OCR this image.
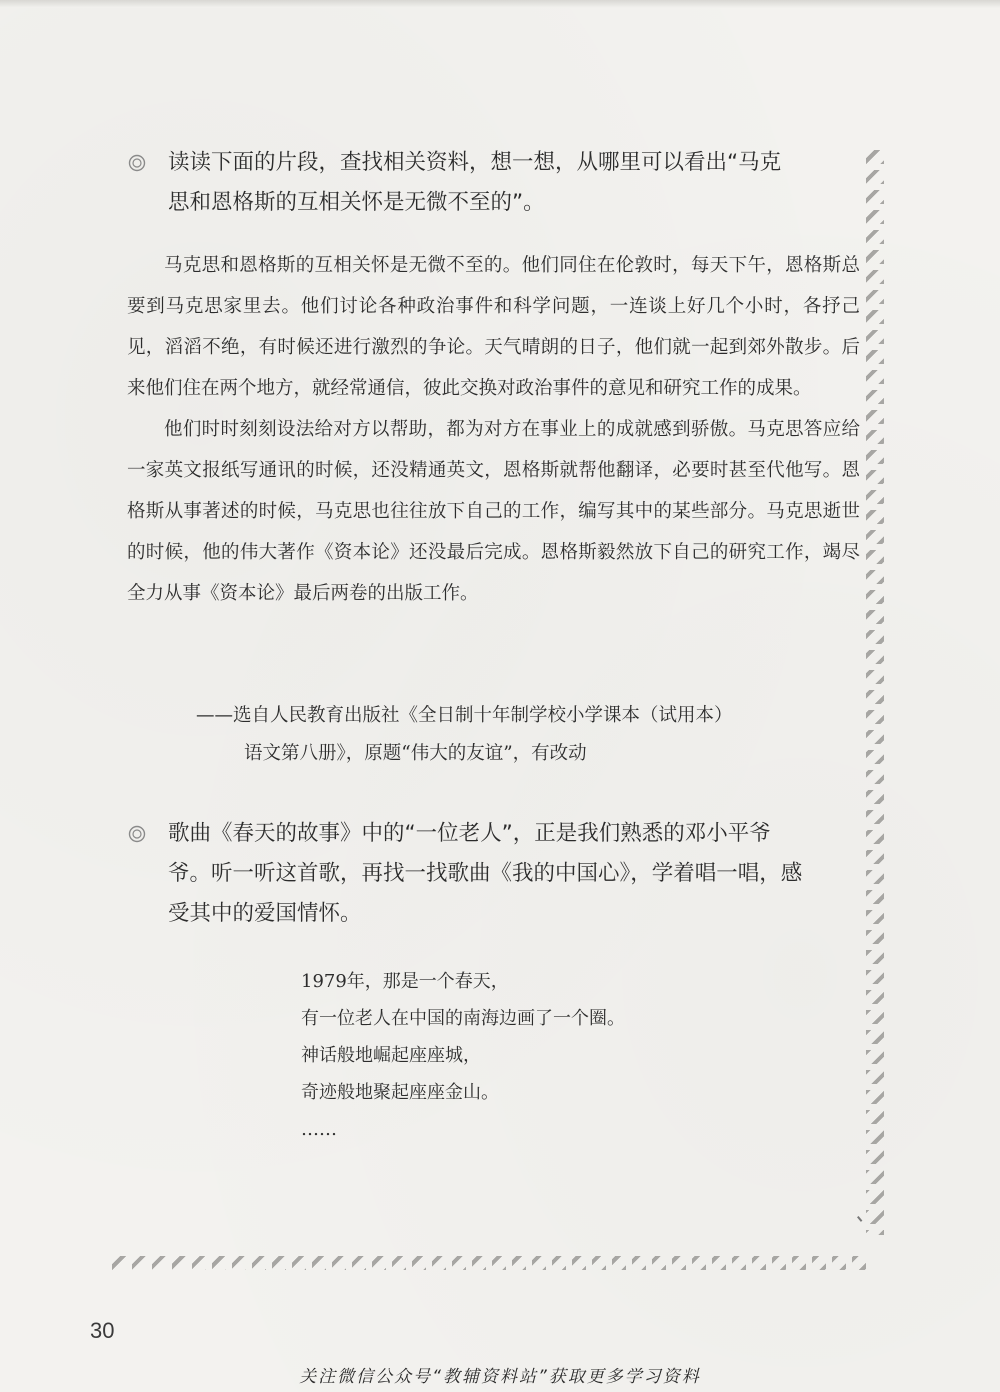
读读下面的片段，查找相关资料，想一想，从哪里可以看出“马克
思和恩格斯的互相关怀是无微不至的”。

马克思和恩格斯的互相关怀是无微不至的。他们同住在伦敦时，每天下午，恩格斯总要到马克思家里去。他们讨论各种政治事件和科学问题，一连谈上好几个小时，各抒己见，滔滔不绝，有时候还进行激烈的争论。天气晴朗的日子，他们就一起到郊外散步。后来他们住在两个地方，就经常通信，彼此交换对政治事件的意见和研究工作的成果。

他们时时刻刻设法给对方以帮助，都为对方在事业上的成就感到骄傲。马克思答应给一家英文报纸写通讯的时候，还没精通英文，恩格斯就帮他翻译，必要时甚至代他写。恩格斯从事著述的时候，马克思也往往放下自己的工作，编写其中的某些部分。马克思逝世的时候，他的伟大著作《资本论》还没最后完成。恩格斯毅然放下自己的研究工作，竭尽全力从事《资本论》最后两卷的出版工作。

——选自人民教育出版社《全日制十年制学校小学课本（试用本）
语文第八册》，原题“伟大的友谊”，有改动
歌曲《春天的故事》中的“一位老人”，正是我们熟悉的邓小平爷
爷。听一听这首歌，再找一找歌曲《我的中国心》，学着唱一唱，感
受其中的爱国情怀。
1979年，那是一个春天，
有一位老人在中国的南海边画了一个圈。
神话般地崛起座座城，
奇迹般地聚起座座金山。
……
30
关注微信公众号“教辅资料站”获取更多学习资料
